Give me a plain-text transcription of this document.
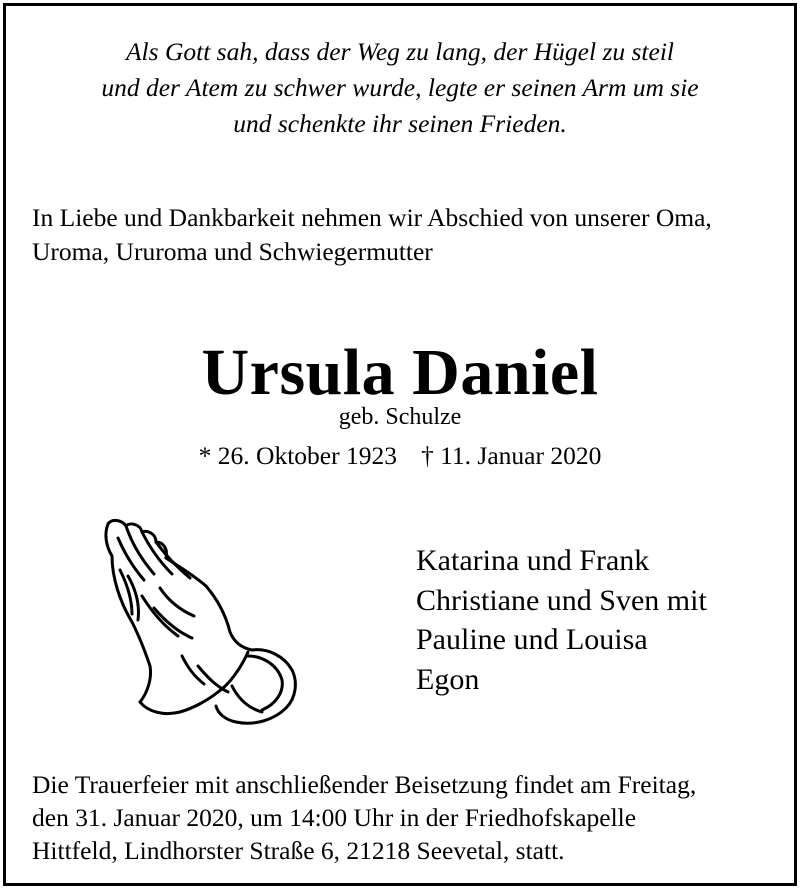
Als Gott sah, dass der Weg zu lang, der Hügel zu steil
und der Atem zu schwer wurde, legte er seinen Arm um sie
und schenkte ihr seinen Frieden.
In Liebe und Dankbarkeit nehmen wir Abschied von unserer Oma,
Uroma, Ururoma und Schwiegermutter
Ursula Daniel
geb. Schulze
* 26. Oktober 1923 † 11. Januar 2020
Katarina und Frank
Christiane und Sven mit
Pauline und Louisa
Egon
Die Trauerfeier mit anschließender Beisetzung findet am Freitag,
den 31. Januar 2020, um 14:00 Uhr in der Friedhofskapelle
Hittfeld, Lindhorster Straße 6, 21218 Seevetal, statt.
